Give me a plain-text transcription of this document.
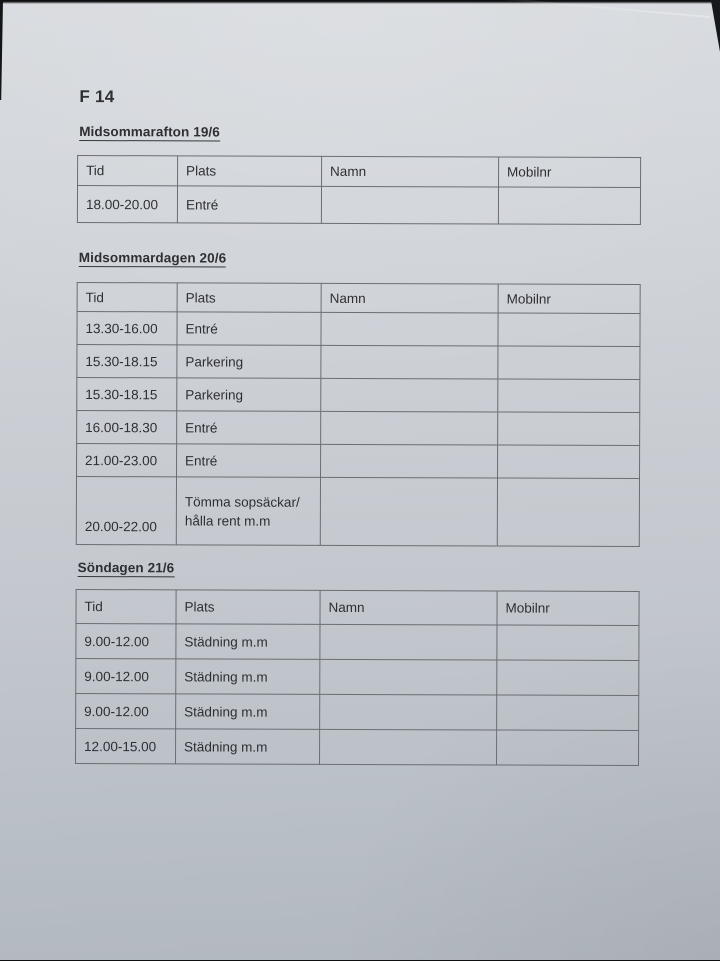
F 14
Midsommarafton 19/6
Tid	Plats	Namn	Mobilnr
18.00-20.00	Entré		
Midsommardagen 20/6
Tid	Plats	Namn	Mobilnr
13.30-16.00	Entré		
15.30-18.15	Parkering		
15.30-18.15	Parkering		
16.00-18.30	Entré		
21.00-23.00	Entré		
20.00-22.00	Tömma sopsäckar/
hålla rent m.m		
Söndagen 21/6
Tid	Plats	Namn	Mobilnr
9.00-12.00	Städning m.m		
9.00-12.00	Städning m.m		
9.00-12.00	Städning m.m		
12.00-15.00	Städning m.m		
